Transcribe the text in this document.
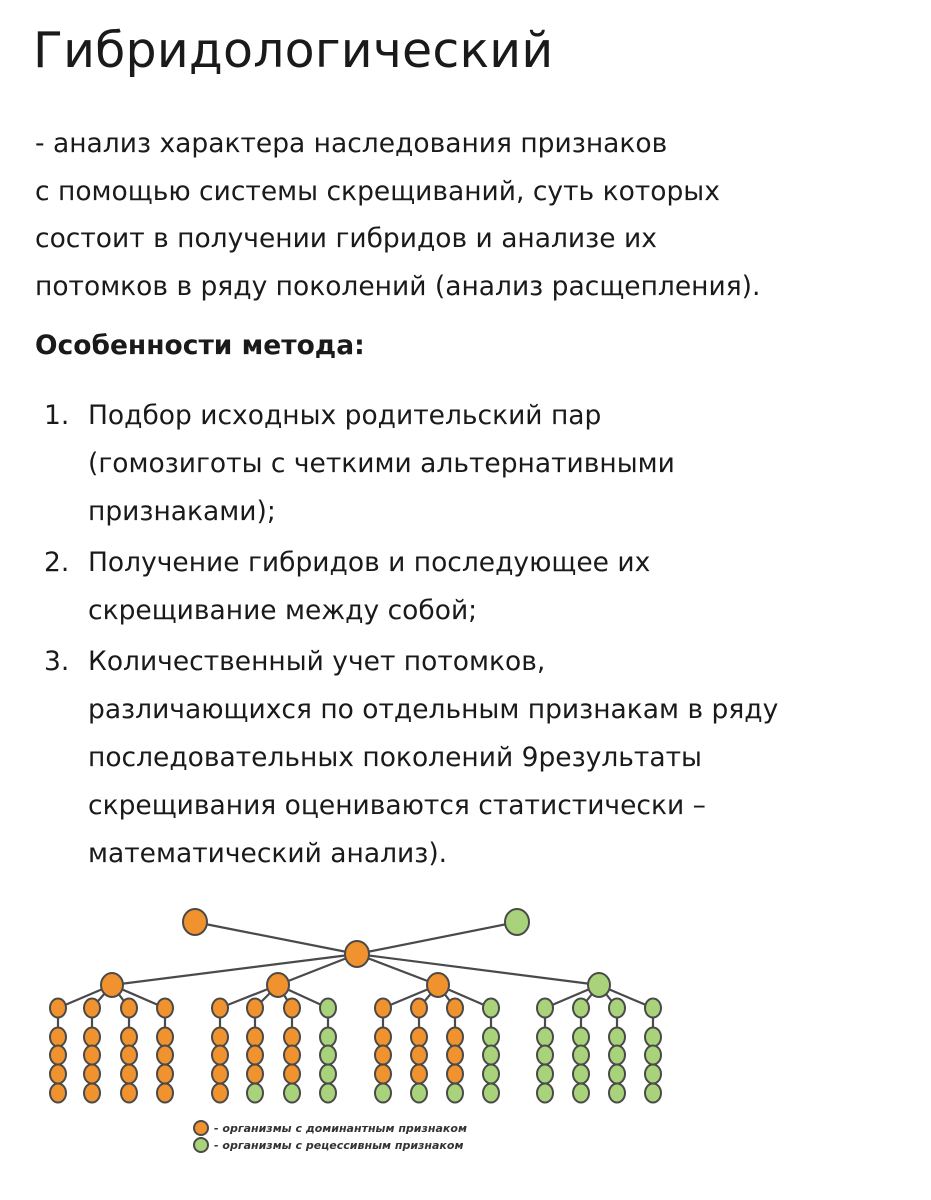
Гибридологический
- анализ характера наследования признаков
с помощью системы скрещиваний, суть которых
состоит в получении гибридов и анализе их
потомков в ряду поколений (анализ расщепления).
Особенности метода:
1. Подбор исходных родительский пар
(гомозиготы с четкими альтернативными
признаками);
2. Получение гибридов и последующее их
скрещивание между собой;
3. Количественный учет потомков,
различающихся по отдельным признакам в ряду
последовательных поколений 9результаты
скрещивания оцениваются статистически –
математический анализ).
- организмы с доминантным признаком
- организмы с рецессивным признаком
